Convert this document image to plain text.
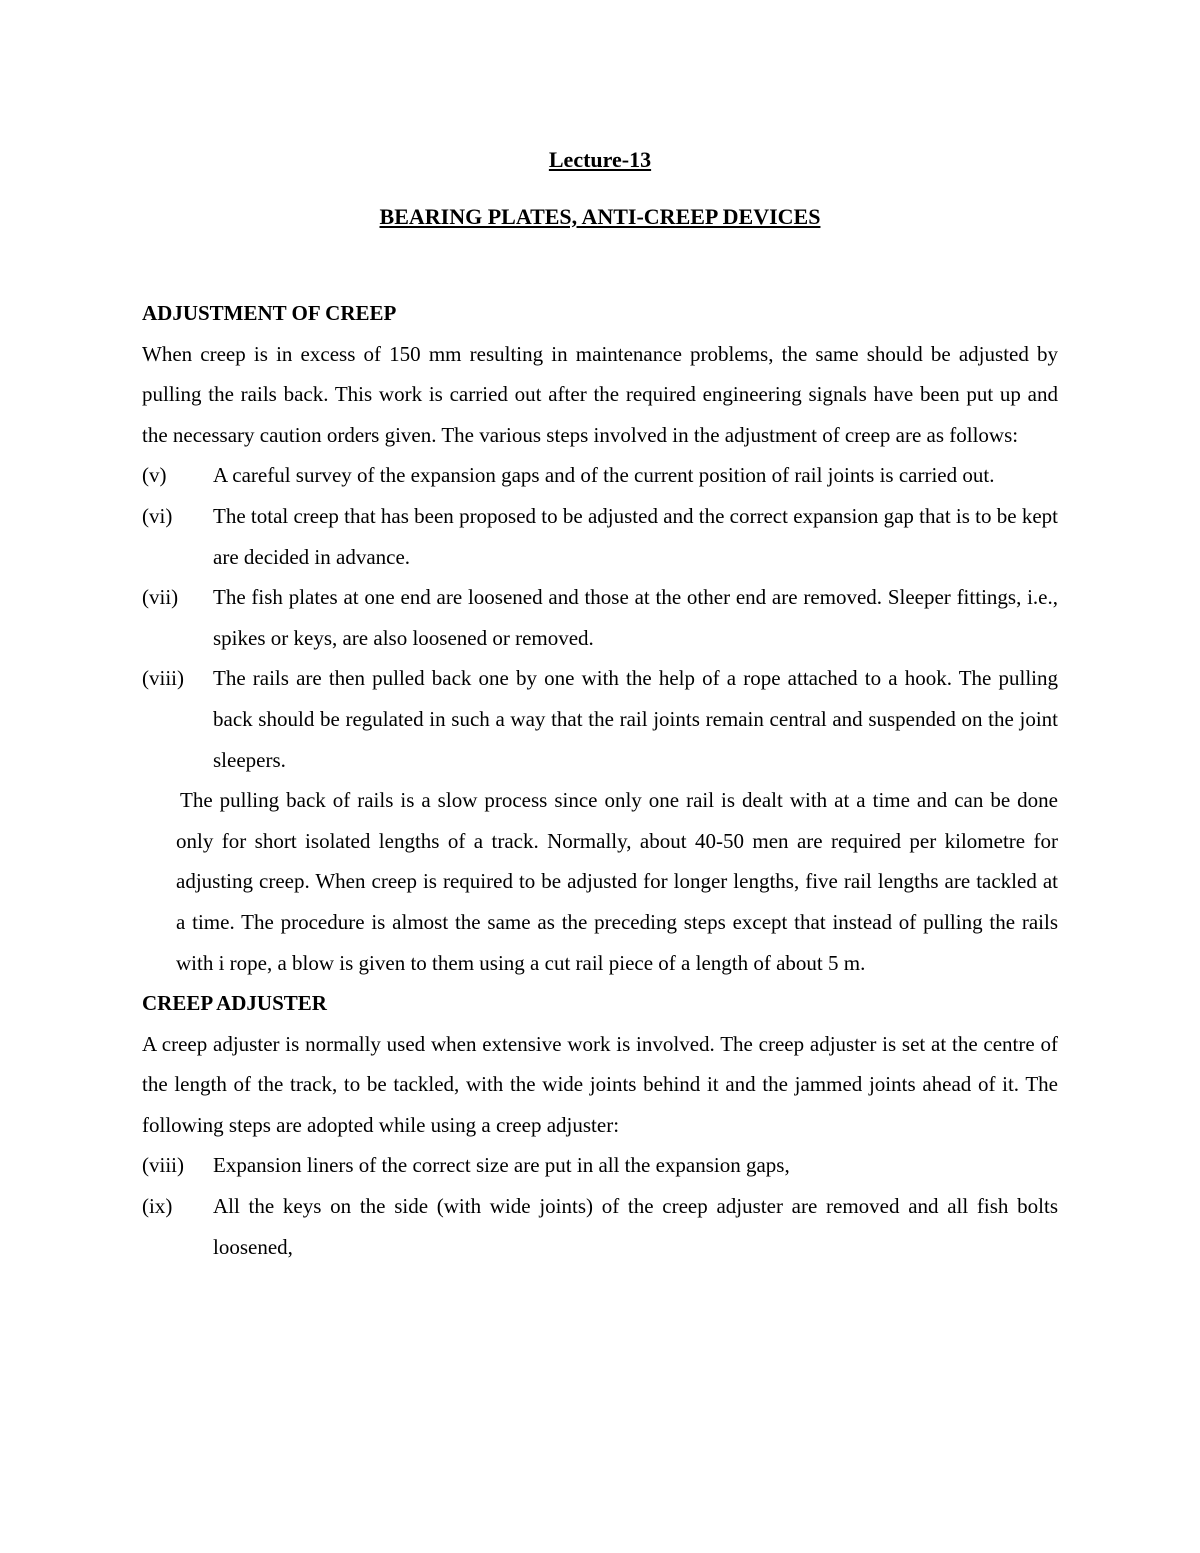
Lecture-13

BEARING PLATES, ANTI-CREEP DEVICES

ADJUSTMENT OF CREEP

When creep is in excess of 150 mm resulting in maintenance problems, the same should be adjusted by pulling the rails back. This work is carried out after the required engineering signals have been put up and the necessary caution orders given. The various steps involved in the adjustment of creep are as follows:

(v)	A careful survey of the expansion gaps and of the current position of rail joints is carried out.
(vi)	The total creep that has been proposed to be adjusted and the correct expansion gap that is to be kept are decided in advance.
(vii)	The fish plates at one end are loosened and those at the other end are removed. Sleeper fittings, i.e., spikes or keys, are also loosened or removed.
(viii)	The rails are then pulled back one by one with the help of a rope attached to a hook. The pulling back should be regulated in such a way that the rail joints remain central and suspended on the joint sleepers.

The pulling back of rails is a slow process since only one rail is dealt with at a time and can be done only for short isolated lengths of a track. Normally, about 40-50 men are required per kilometre for adjusting creep. When creep is required to be adjusted for longer lengths, five rail lengths are tackled at a time. The procedure is almost the same as the preceding steps except that instead of pulling the rails with i rope, a blow is given to them using a cut rail piece of a length of about 5 m.

CREEP ADJUSTER

A creep adjuster is normally used when extensive work is involved. The creep adjuster is set at the centre of the length of the track, to be tackled, with the wide joints behind it and the jammed joints ahead of it. The following steps are adopted while using a creep adjuster:

(viii)	Expansion liners of the correct size are put in all the expansion gaps,
(ix)	All the keys on the side (with wide joints) of the creep adjuster are removed and all fish bolts loosened,
